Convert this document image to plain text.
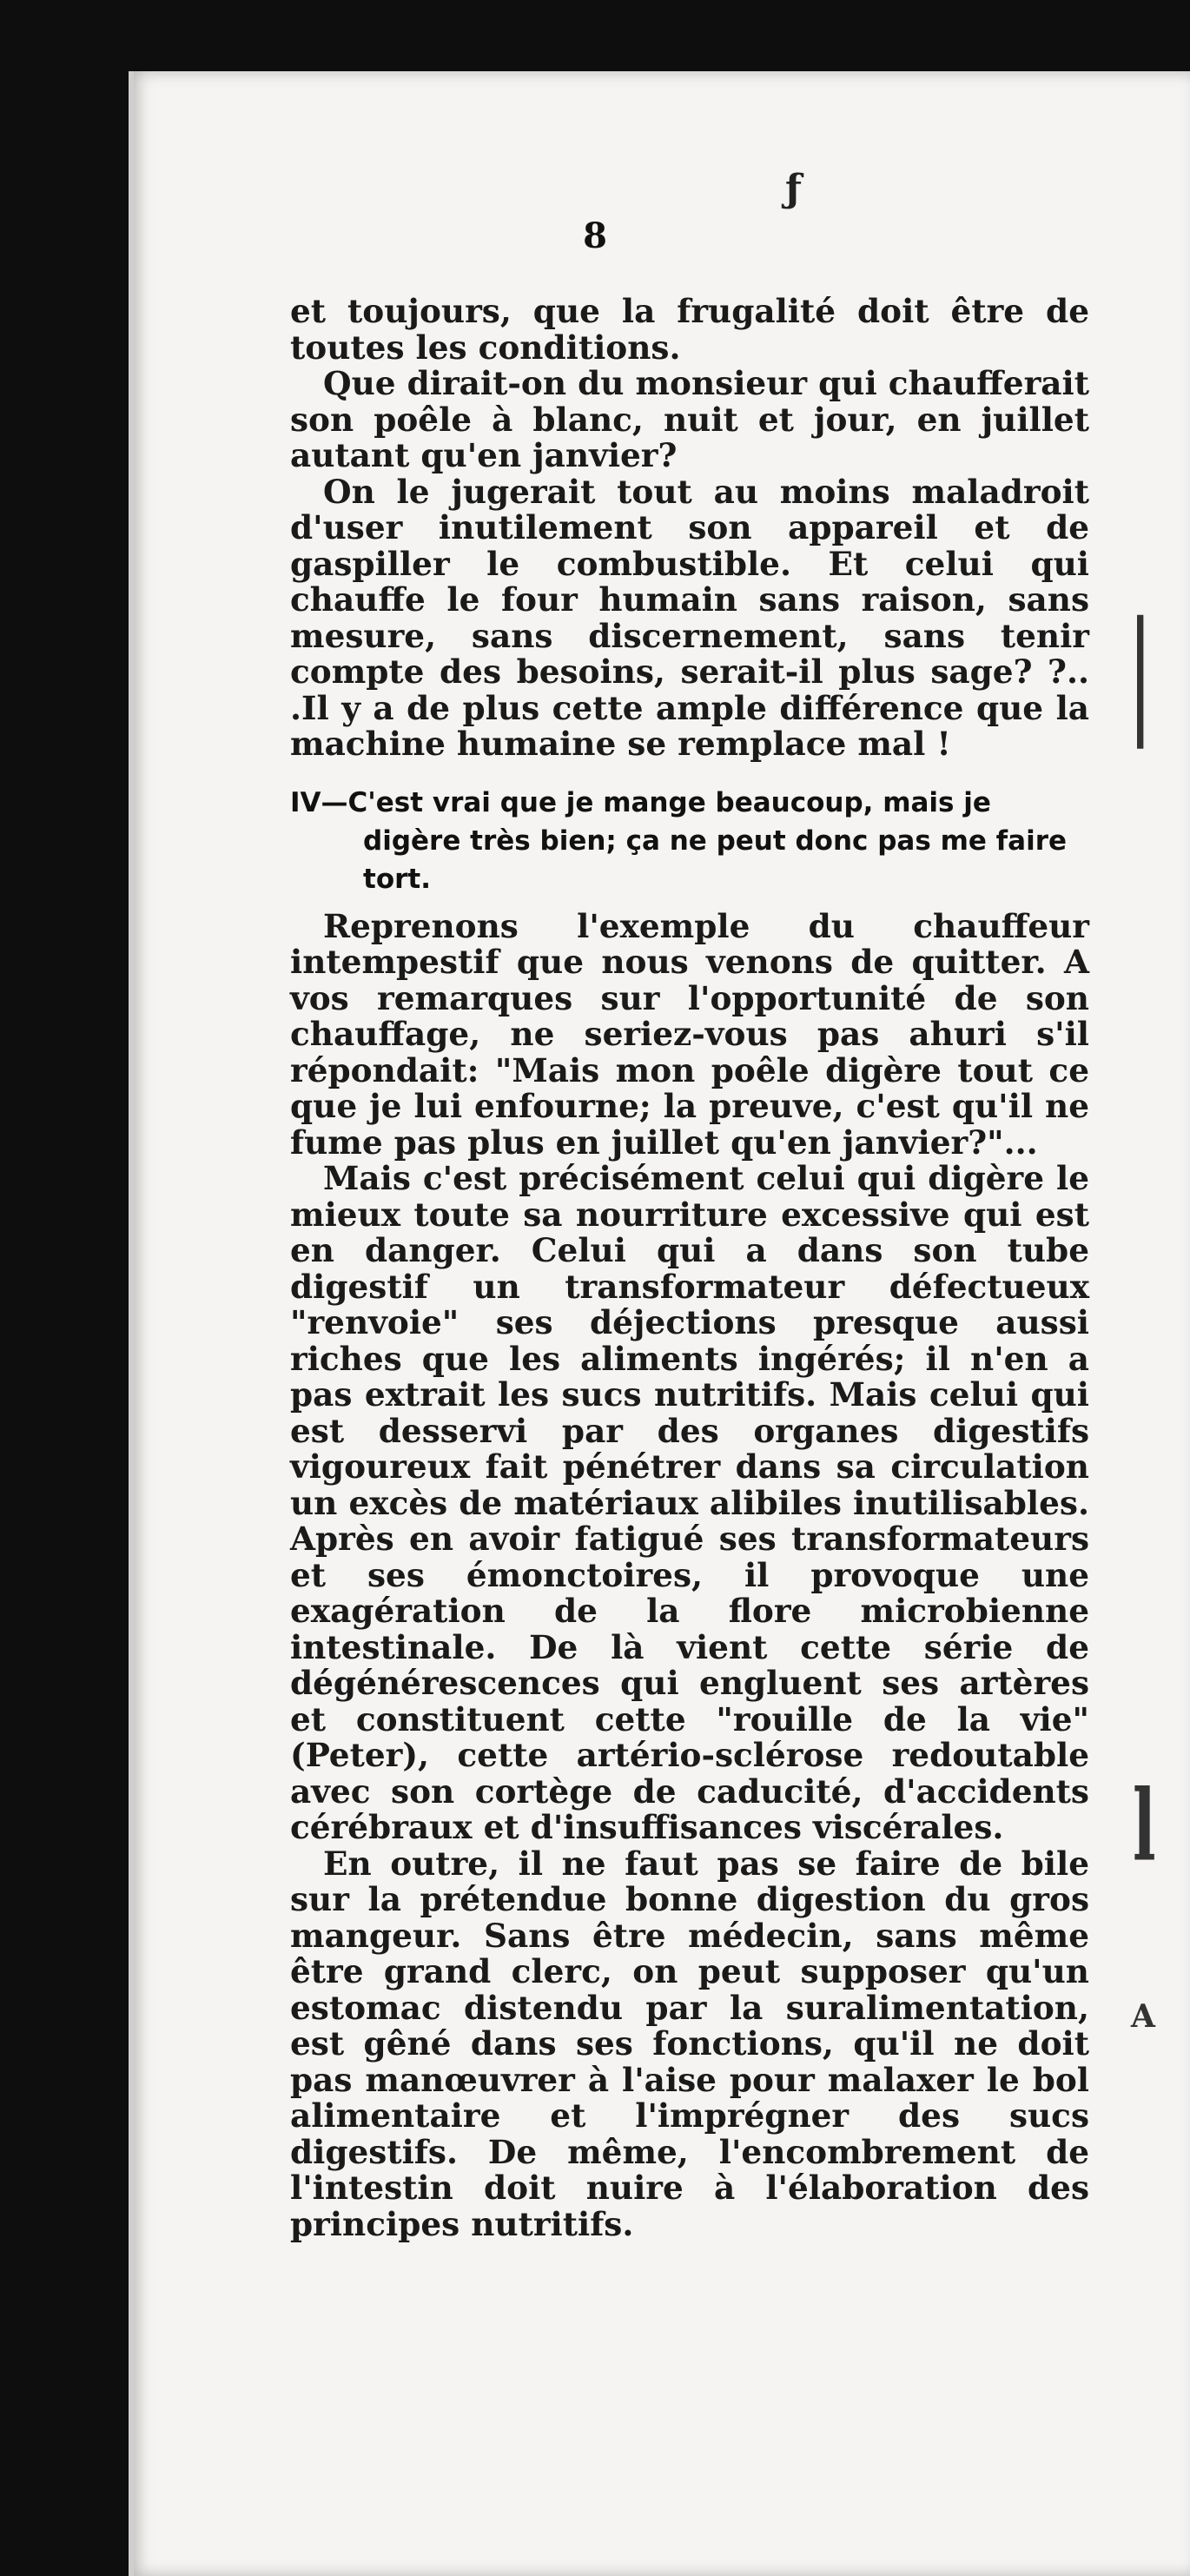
ƒ
8

et toujours, que la frugalité doit être de toutes les conditions.

Que dirait-on du monsieur qui chaufferait son poêle à blanc, nuit et jour, en juillet autant qu'en janvier?

On le jugerait tout au moins maladroit d'user inutilement son appareil et de gaspiller le combustible. Et celui qui chauffe le four humain sans raison, sans mesure, sans discernement, sans tenir compte des besoins, serait-il plus sage? ?.. .Il y a de plus cette ample différence que la machine humaine se remplace mal !

IV—C'est vrai que je mange beaucoup, mais je digère très bien; ça ne peut donc pas me faire tort.

Reprenons l'exemple du chauffeur intempestif que nous venons de quitter. A vos remarques sur l'opportunité de son chauffage, ne seriez-vous pas ahuri s'il répondait: "Mais mon poêle digère tout ce que je lui enfourne; la preuve, c'est qu'il ne fume pas plus en juillet qu'en janvier?"...

Mais c'est précisément celui qui digère le mieux toute sa nourriture excessive qui est en danger. Celui qui a dans son tube digestif un transformateur défectueux "renvoie" ses déjections presque aussi riches que les aliments ingérés; il n'en a pas extrait les sucs nutritifs. Mais celui qui est desservi par des organes digestifs vigoureux fait pénétrer dans sa circulation un excès de matériaux alibiles inutilisables. Après en avoir fatigué ses transformateurs et ses émonctoires, il provoque une exagération de la flore microbienne intestinale. De là vient cette série de dégénérescences qui engluent ses artères et constituent cette "rouille de la vie" (Peter), cette artério-sclérose redoutable avec son cortège de caducité, d'accidents cérébraux et d'insuffisances viscérales.

En outre, il ne faut pas se faire de bile sur la prétendue bonne digestion du gros mangeur. Sans être médecin, sans même être grand clerc, on peut supposer qu'un estomac distendu par la suralimentation, est gêné dans ses fonctions, qu'il ne doit pas manœuvrer à l'aise pour malaxer le bol alimentaire et l'imprégner des sucs digestifs. De même, l'encombrement de l'intestin doit nuire à l'élaboration des principes nutritifs.

|
l
A
